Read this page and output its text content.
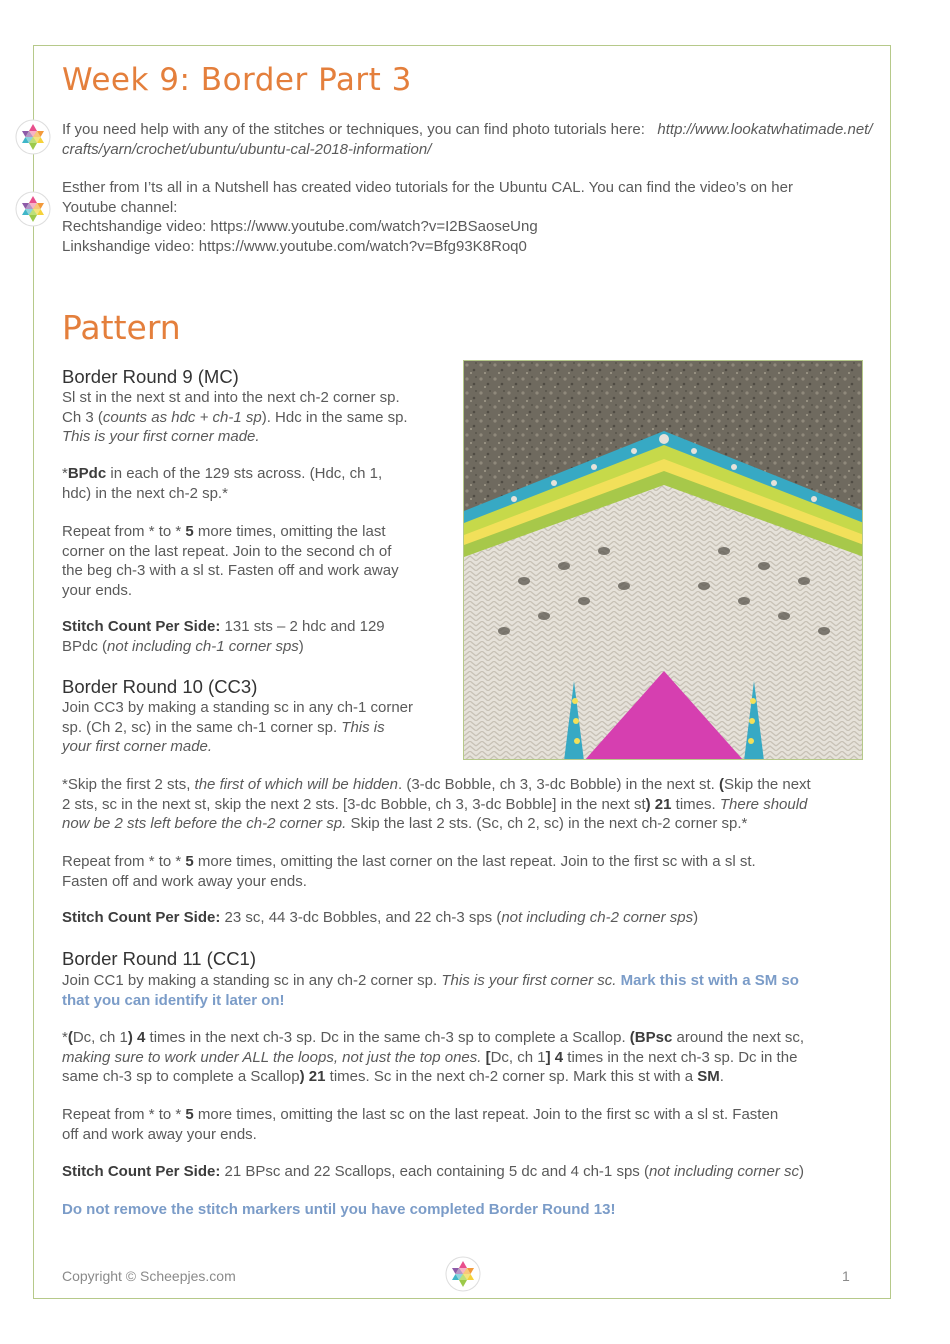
Week 9: Border Part 3

If you need help with any of the stitches or techniques, you can find photo tutorials here: http://www.lookatwhatimade.net/crafts/yarn/crochet/ubuntu/ubuntu-cal-2018-information/

Esther from I’ts all in a Nutshell has created video tutorials for the Ubuntu CAL. You can find the video’s on her
Youtube channel:
Rechtshandige video: https://www.youtube.com/watch?v=I2BSaoseUng
Linkshandige video: https://www.youtube.com/watch?v=Bfg93K8Roq0

Pattern
Border Round 9 (MC)

Sl st in the next st and into the next ch-2 corner sp.
Ch 3 (counts as hdc + ch-1 sp). Hdc in the same sp.
This is your first corner made.

*BPdc in each of the 129 sts across. (Hdc, ch 1,
hdc) in the next ch-2 sp.*

Repeat from * to * 5 more times, omitting the last
corner on the last repeat. Join to the second ch of
the beg ch-3 with a sl st. Fasten off and work away
your ends.

Stitch Count Per Side: 131 sts – 2 hdc and 129
BPdc (not including ch-1 corner sps)

Border Round 10 (CC3)

Join CC3 by making a standing sc in any ch-1 corner
sp. (Ch 2, sc) in the same ch-1 corner sp. This is
your first corner made.

*Skip the first 2 sts, the first of which will be hidden. (3-dc Bobble, ch 3, 3-dc Bobble) in the next st. (Skip the next
2 sts, sc in the next st, skip the next 2 sts. [3-dc Bobble, ch 3, 3-dc Bobble] in the next st) 21 times. There should
now be 2 sts left before the ch-2 corner sp. Skip the last 2 sts. (Sc, ch 2, sc) in the next ch-2 corner sp.*

Repeat from * to * 5 more times, omitting the last corner on the last repeat. Join to the first sc with a sl st.
Fasten off and work away your ends.

Stitch Count Per Side: 23 sc, 44 3-dc Bobbles, and 22 ch-3 sps (not including ch-2 corner sps)

Border Round 11 (CC1)

Join CC1 by making a standing sc in any ch-2 corner sp. This is your first corner sc. Mark this st with a SM so
that you can identify it later on!

*(Dc, ch 1) 4 times in the next ch-3 sp. Dc in the same ch-3 sp to complete a Scallop. (BPsc around the next sc,
making sure to work under ALL the loops, not just the top ones. [Dc, ch 1] 4 times in the next ch-3 sp. Dc in the
same ch-3 sp to complete a Scallop) 21 times. Sc in the next ch-2 corner sp. Mark this st with a SM.

Repeat from * to * 5 more times, omitting the last sc on the last repeat. Join to the first sc with a sl st. Fasten
off and work away your ends.

Stitch Count Per Side: 21 BPsc and 22 Scallops, each containing 5 dc and 4 ch-1 sps (not including corner sc)

Do not remove the stitch markers until you have completed Border Round 13!

Copyright © Scheepjes.com	1
